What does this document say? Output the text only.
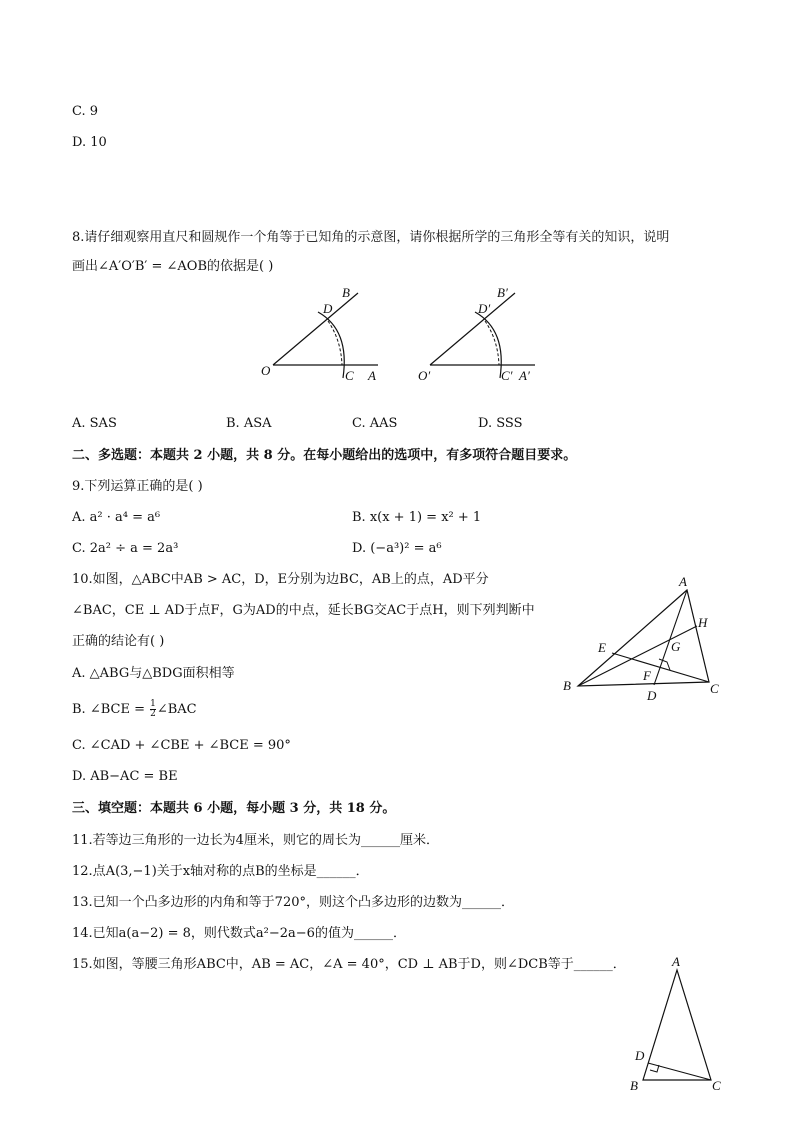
C. 9
D. 10
8.请仔细观察用直尺和圆规作一个角等于已知角的示意图，请你根据所学的三角形全等有关的知识，说明
画出∠A′O′B′ = ∠AOB的依据是( )
O	C A
D
B
O′	C′ A′
D′
B′
A. SAS	B. ASA	C. AAS	D. SSS
二、多选题：本题共 2 小题，共 8 分。在每小题给出的选项中，有多项符合题目要求。
9.下列运算正确的是( )
A. a² · a⁴ = a⁶	B. x(x + 1) = x² + 1
C. 2a² ÷ a = 2a³	D. (−a³)² = a⁶
10.如图，△ABC中AB > AC，D，E分别为边BC，AB上的点，AD平分
∠BAC，CE ⊥ AD于点F，G为AD的中点，延长BG交AC于点H，则下列判断中
正确的结论有( )
A. △ABG与△BDG面积相等
B. ∠BCE = $\frac{1}{2}$ ∠BAC
C. ∠CAD + ∠CBE + ∠BCE = 90°
D. AB−AC = BE
A
B	C
D
E
F
G
H
三、填空题：本题共 6 小题，每小题 3 分，共 18 分。
11.若等边三角形的一边长为4厘米，则它的周长为______厘米．
12.点A(3,−1)关于x轴对称的点B的坐标是______．
13.已知一个凸多边形的内角和等于720°，则这个凸多边形的边数为______．
14.已知a(a−2) = 8，则代数式a²−2a−6的值为______．
15.如图，等腰三角形ABC中，AB = AC，∠A = 40°，CD ⊥ AB于D，则∠DCB等于______．	A
B	C
D
